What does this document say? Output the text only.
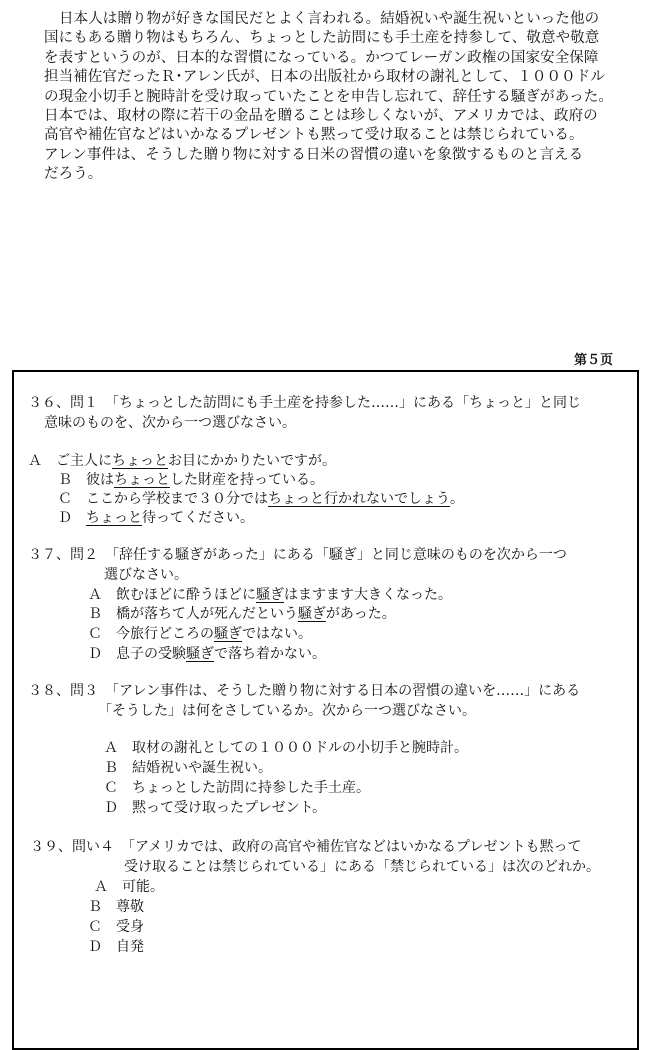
日本人は贈り物が好きな国民だとよく言われる。結婚祝いや誕生祝いといった他の

国にもある贈り物はもちろん、ちょっとした訪問にも手土産を持参して、敬意や敬意

を表すというのが、日本的な習慣になっている。かつてレーガン政権の国家安全保障

担当補佐官だったＲ･アレン氏が、日本の出版社から取材の謝礼として、１０００ドル

の現金小切手と腕時計を受け取っていたことを申告し忘れて、辞任する騒ぎがあった。

日本では、取材の際に若干の金品を贈ることは珍しくないが、アメリカでは、政府の

高官や補佐官などはいかなるプレゼントも黙って受け取ることは禁じられている。

アレン事件は、そうした贈り物に対する日米の習慣の違いを象徴するものと言える

だろう。

第５页
３６、問１　「ちょっとした訪問にも手土産を持参した……」にある「ちょっと」と同じ
意味のものを、次から一つ選びなさい。
Ａ　ご主人にちょっとお目にかかりたいですが。
Ｂ　彼はちょっとした財産を持っている。
Ｃ　ここから学校まで３０分ではちょっと行かれないでしょう。
Ｄ　ちょっと待ってください。
３７、問２　「辞任する騒ぎがあった」にある「騒ぎ」と同じ意味のものを次から一つ
選びなさい。
Ａ　飲むほどに酔うほどに騒ぎはますます大きくなった。
Ｂ　橋が落ちて人が死んだという騒ぎがあった。
Ｃ　今旅行どころの騒ぎではない。
Ｄ　息子の受験騒ぎで落ち着かない。
３８、問３　「アレン事件は、そうした贈り物に対する日本の習慣の違いを……」にある
「そうした」は何をさしているか。次から一つ選びなさい。
Ａ　取材の謝礼としての１０００ドルの小切手と腕時計。
Ｂ　結婚祝いや誕生祝い。
Ｃ　ちょっとした訪問に持参した手土産。
Ｄ　黙って受け取ったプレゼント。
３９、問い４　「アメリカでは、政府の高官や補佐官などはいかなるプレゼントも黙って
受け取ることは禁じられている」にある「禁じられている」は次のどれか。
Ａ　可能。
Ｂ　尊敬
Ｃ　受身
Ｄ　自発
